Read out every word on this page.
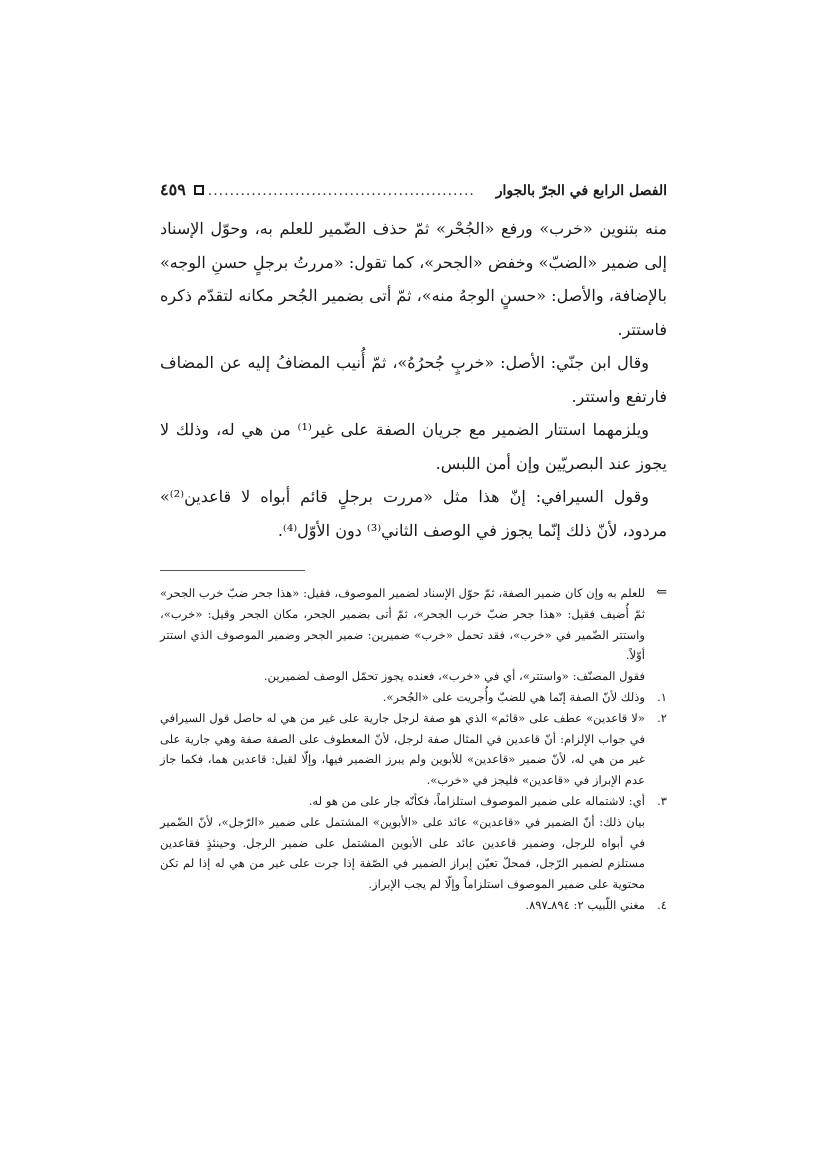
الفصل الرابع في الجرّ بالجوار
.................................................
٤٥٩

منه بتنوين «خرب» ورفع «الجُحْر» ثمّ حذف الضّمير للعلم به، وحوّل الإسناد إلى ضمير «الضبّ» وخفض «الجحر»، كما تقول: «مررتُ برجلٍ حسنِ الوجه» بالإضافة، والأصل: «حسنٍ الوجهُ منه»، ثمّ أتى بضمير الجُحر مكانه لتقدّم ذكره فاستتر.

وقال ابن جنّي: الأصل: «خربٍ جُحرُهُ»، ثمّ أُنيب المضافُ إليه عن المضاف فارتفع واستتر.

ويلزمهما استتار الضمير مع جريان الصفة على غير⁽¹⁾ من هي له، وذلك لا يجوز عند البصريّين وإن أمن اللبس.

وقول السيرافي: إنّ هذا مثل «مررت برجلٍ قائم أبواه لا قاعدين⁽²⁾» مردود، لأنّ ذلك إنّما يجوز في الوصف الثاني⁽³⁾ دون الأوّل⁽⁴⁾.

⇐

للعلم به وإن كان ضمير الصفة، ثمّ حوّل الإسناد لضمير الموصوف، فقيل: «هذا جحر ضبّ خرب الجحر» ثمّ أُضيف فقيل: «هذا جحر ضبّ خرب الجحر»، ثمّ أتى بضمير الجحر، مكان الجحر وقيل: «خرب»، واستتر الضّمير في «خرب»، فقد تحمل «خرب» ضميرين: ضمير الجحر وضمير الموصوف الذي استتر أوّلاً.

فقول المصنّف: «واستتر»، أي في «خرب»، فعنده يجوز تحمّل الوصف لضميرين.

١.

وذلك لأنّ الصفة إنّما هي للضبّ وأُجريت على «الجُحر».

٢.

«لا قاعدين» عطف على «قائم» الذي هو صفة لرجل جارية على غير من هي له حاصل قول السيرافي في جواب الإلزام: أنّ قاعدين في المثال صفة لرجل، لأنّ المعطوف على الصفة صفة وهي جارية على غير من هي له، لأنّ ضمير «قاعدين» للأبوين ولم يبرز الضمير فيها، وإلّا لقيل: قاعدين هما، فكما جاز عدم الإبراز في «قاعدين» فليجز في «خرب».

٣.

أي: لاشتماله على ضمير الموصوف استلزاماً، فكأنّه جار على من هو له.

بيان ذلك: أنّ الضمير في «قاعدين» عائد على «الأبوين» المشتمل على ضمير «الرّجل»، لأنّ الضّمير في أبواه للرجل، وضمير قاعدين عائد على الأبوين المشتمل على ضمير الرجل. وحينئذٍ فقاعدين مستلزم لضمير الرّجل، فمحلّ تعيّن إبراز الضمير في الصّفة إذا جرت على غير من هي له إذا لم تكن محتوية على ضمير الموصوف استلزاماً وإلّا لم يجب الإبراز.

٤.

مغني اللّبيب ٢: ٨٩٤ـ٨٩٧.
